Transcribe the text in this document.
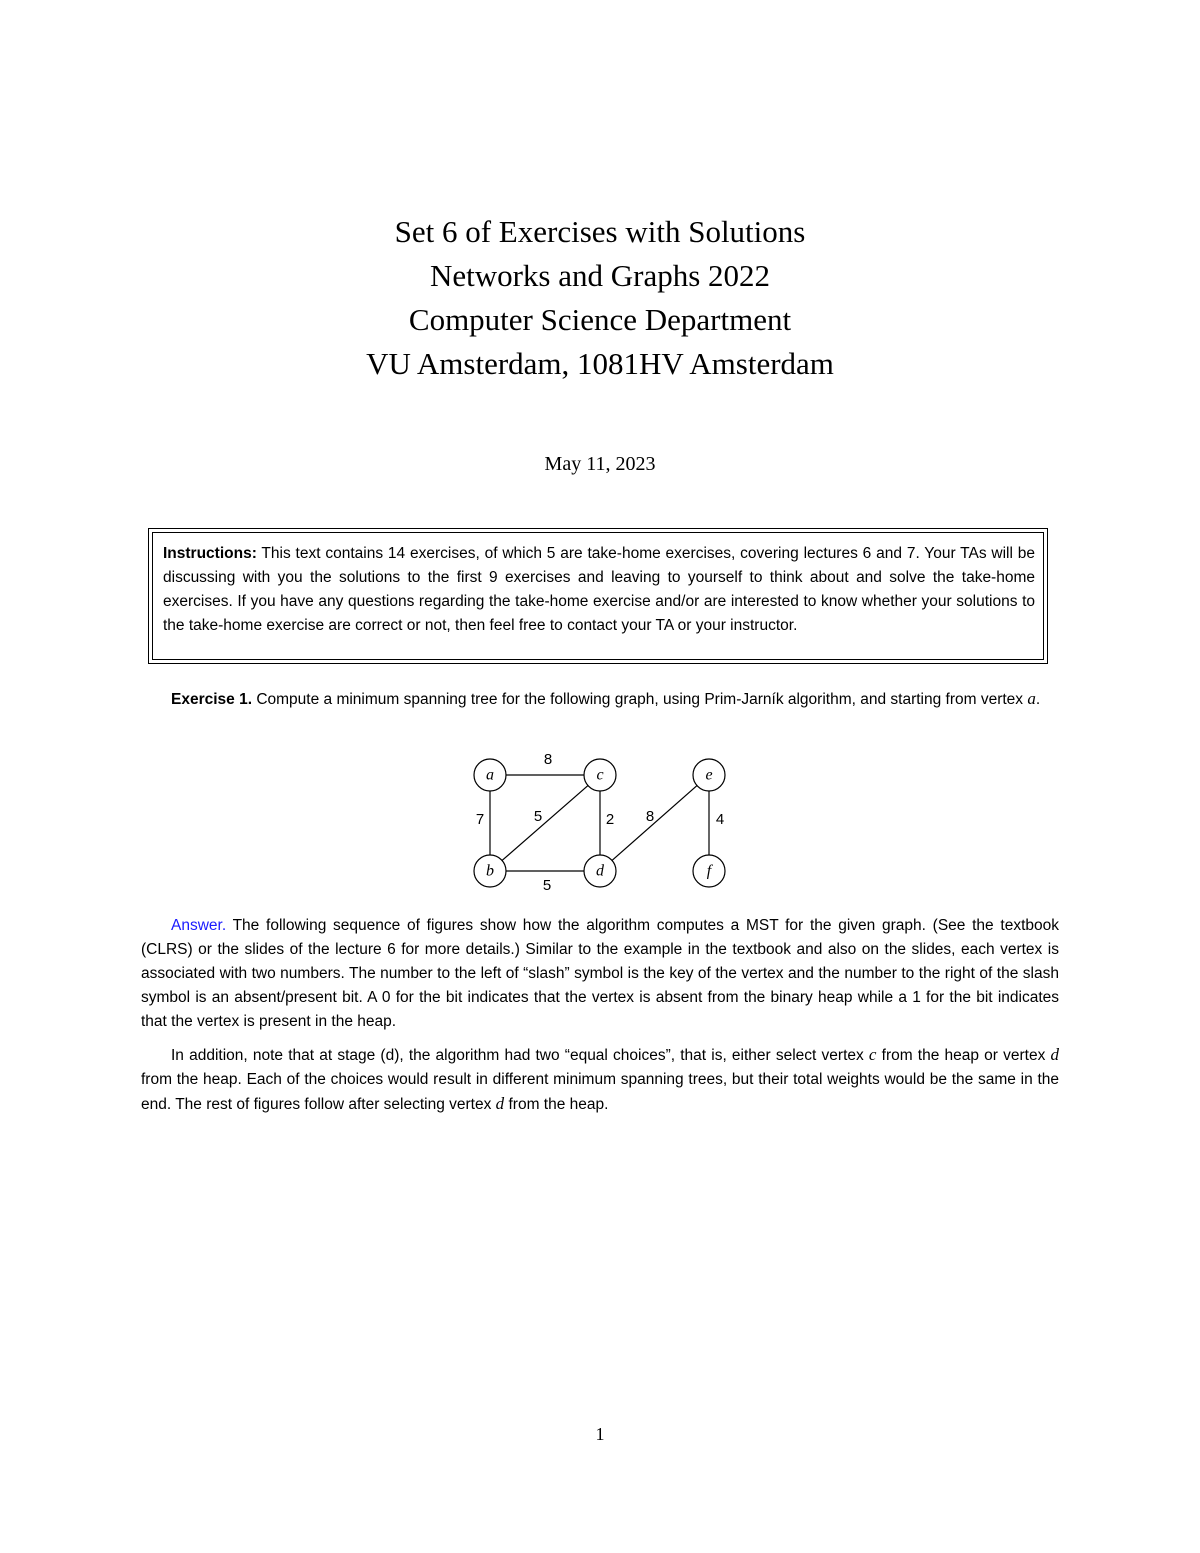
Set 6 of Exercises with Solutions
Networks and Graphs 2022
Computer Science Department
VU Amsterdam, 1081HV Amsterdam
May 11, 2023
Instructions: This text contains 14 exercises, of which 5 are take-home exercises, covering lectures 6 and 7. Your TAs will be discussing with you the solutions to the first 9 exercises and leaving to yourself to think about and solve the take-home exercises. If you have any questions regarding the take-home exercise and/or are interested to know whether your solutions to the take-home exercise are correct or not, then feel free to contact your TA or your instructor.
Exercise 1. Compute a minimum spanning tree for the following graph, using Prim-Jarník algorithm, and starting from vertex a.
8
7	5	2 8	4
5
a	c	e
b	d	f
Answer. The following sequence of figures show how the algorithm computes a MST for the given graph. (See the textbook (CLRS) or the slides of the lecture 6 for more details.) Similar to the example in the textbook and also on the slides, each vertex is associated with two numbers. The number to the left of “slash” symbol is the key of the vertex and the number to the right of the slash symbol is an absent/present bit. A 0 for the bit indicates that the vertex is absent from the binary heap while a 1 for the bit indicates that the vertex is present in the heap.
In addition, note that at stage (d), the algorithm had two “equal choices”, that is, either select vertex c from the heap or vertex d from the heap. Each of the choices would result in different minimum spanning trees, but their total weights would be the same in the end. The rest of figures follow after selecting vertex d from the heap.
1
